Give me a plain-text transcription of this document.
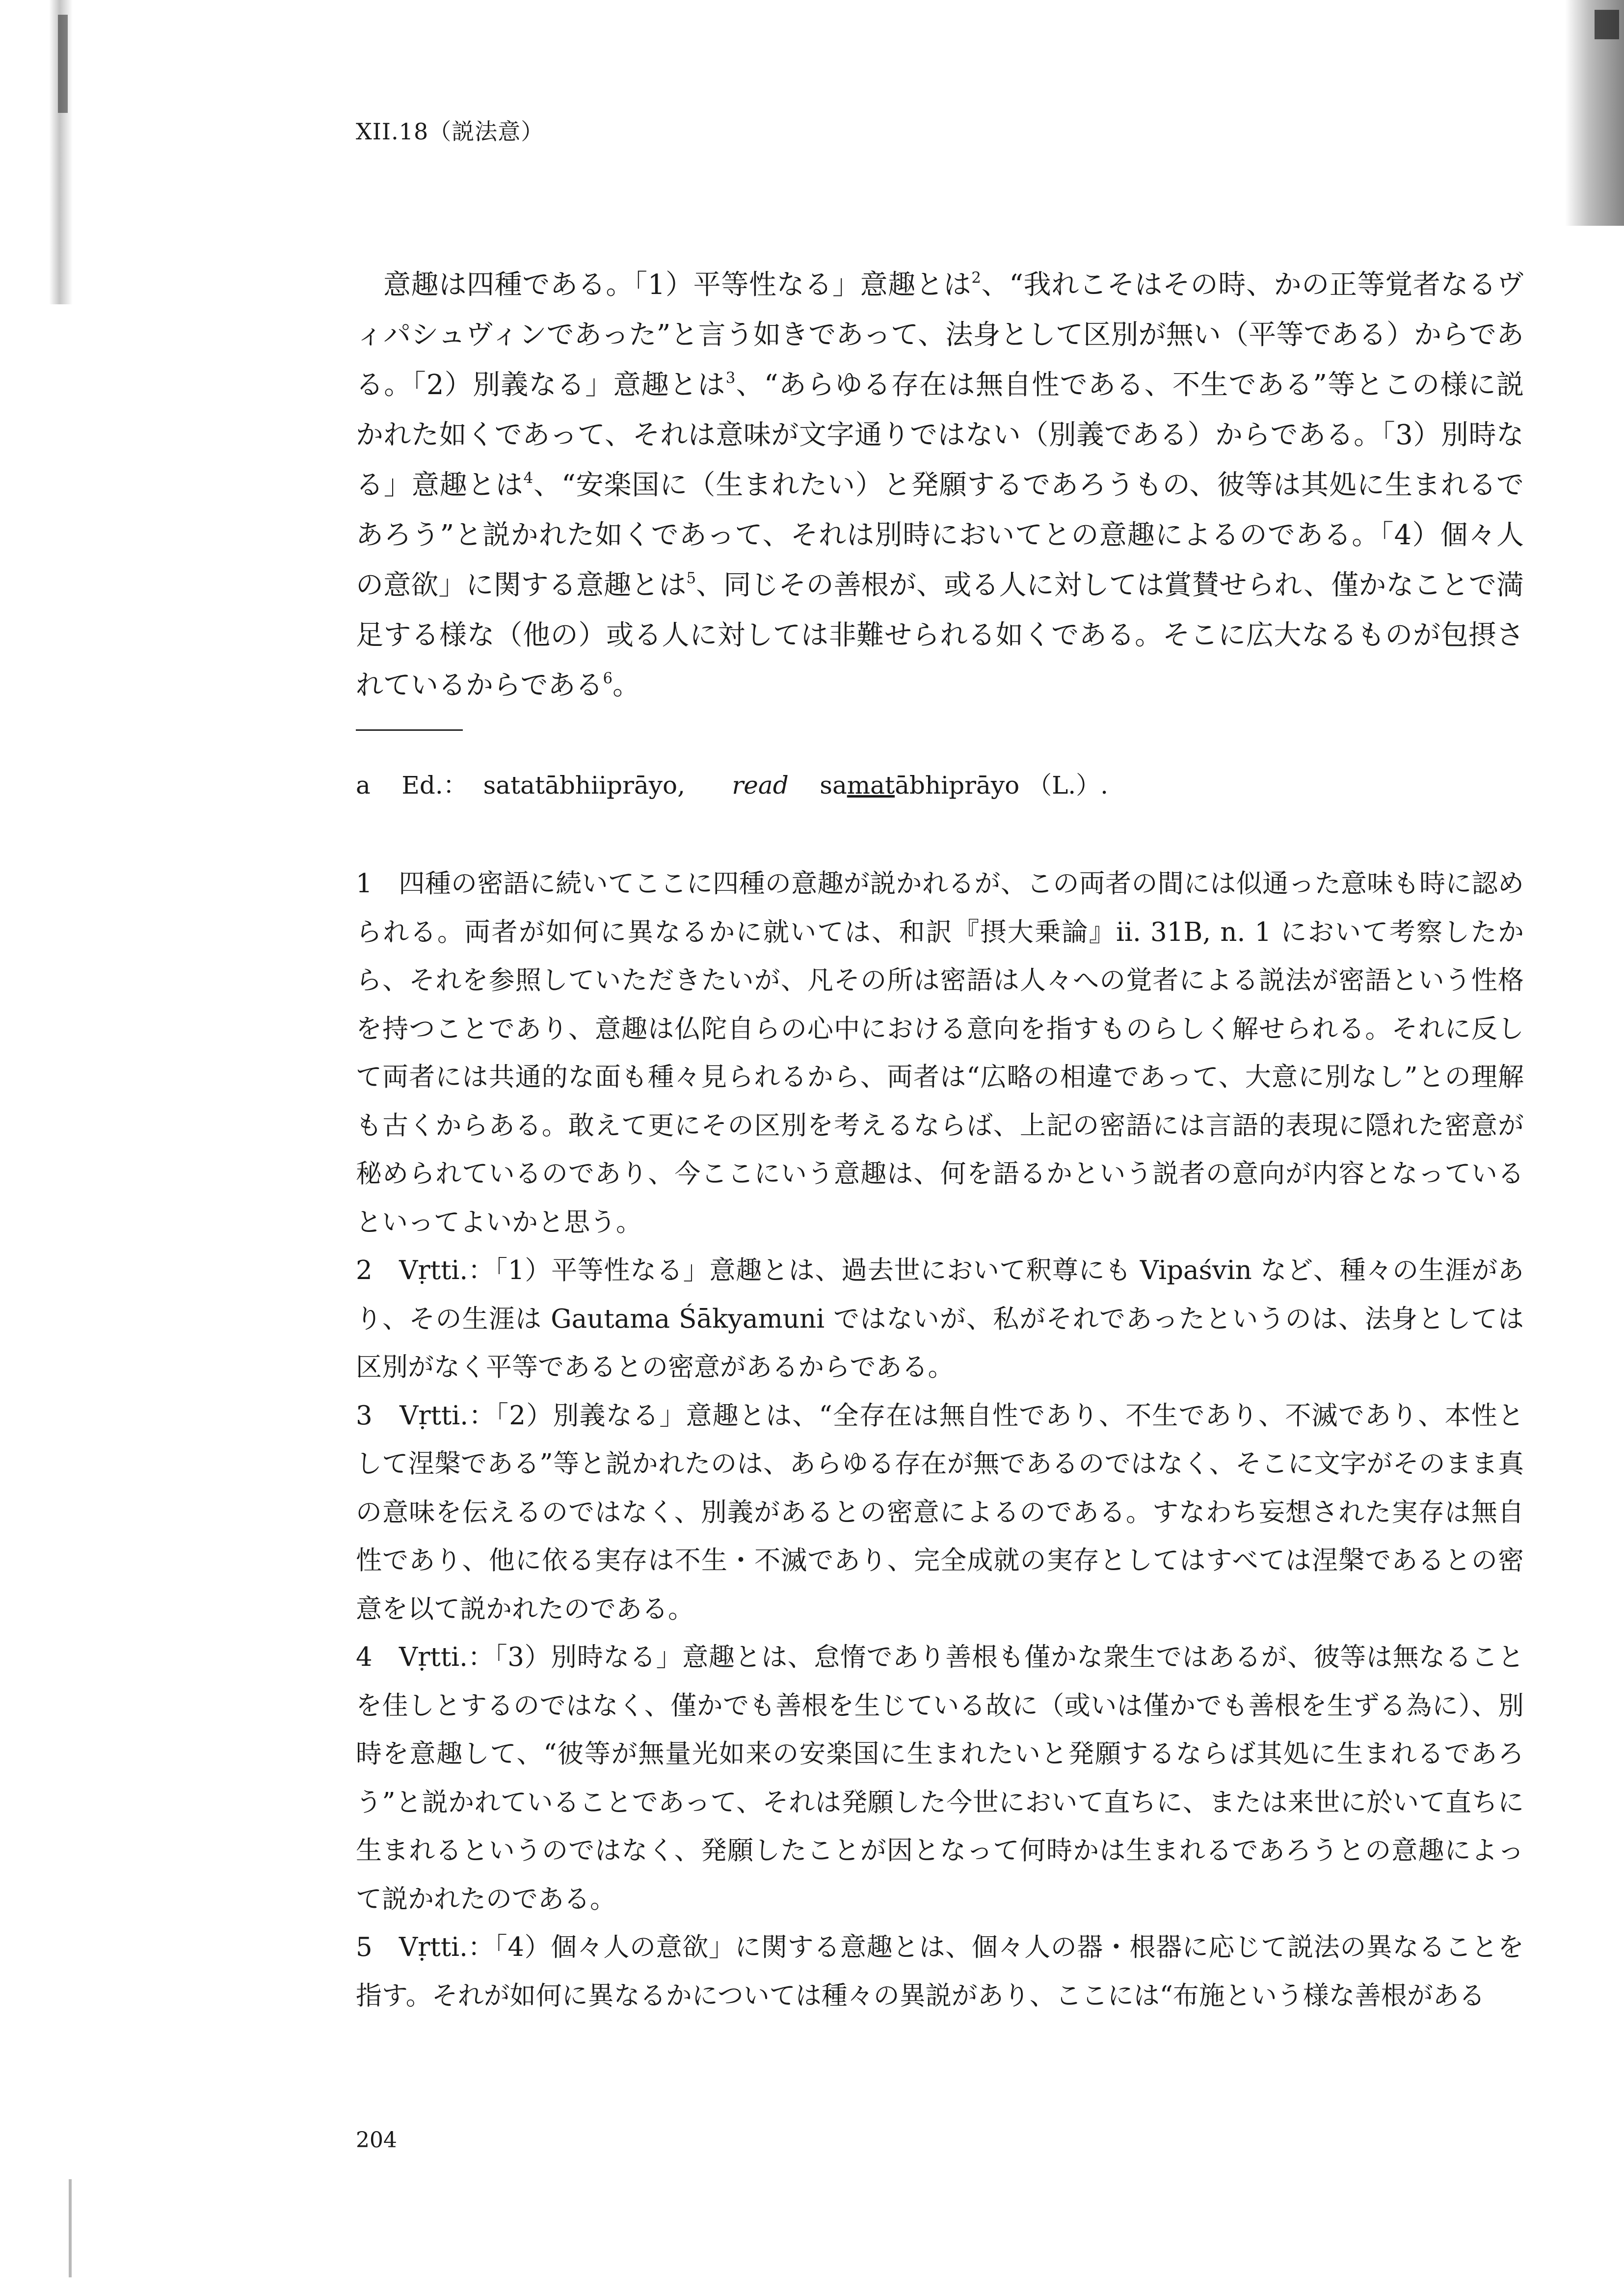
XII.18（説法意）

意趣は四種である。「1）平等性なる」意趣とは$^2$、“我れこそはその時、かの正等覚者なるヴィパシュヴィンであった”と言う如きであって、法身として区別が無い（平等である）からである。「2）別義なる」意趣とは$^3$、“あらゆる存在は無自性である、不生である”等とこの様に説かれた如くであって、それは意味が文字通りではない（別義である）からである。「3）別時なる」意趣とは$^4$、“安楽国に（生まれたい）と発願するであろうもの、彼等は其処に生まれるであろう”と説かれた如くであって、それは別時においてとの意趣によるのである。「4）個々人の意欲」に関する意趣とは$^5$、同じその善根が、或る人に対しては賞賛せられ、僅かなことで満足する様な（他の）或る人に対しては非難せられる如くである。そこに広大なるものが包摂されているからである$^6$。

a Ed.： satatābhiiprāyo, read samatābhiprāyo （L.）.

1　四種の密語に続いてここに四種の意趣が説かれるが、この両者の間には似通った意味も時に認められる。両者が如何に異なるかに就いては、和訳『摂大乗論』ii. 31B, n. 1 において考察したから、それを参照していただきたいが、凡その所は密語は人々への覚者による説法が密語という性格を持つことであり、意趣は仏陀自らの心中における意向を指すものらしく解せられる。それに反して両者には共通的な面も種々見られるから、両者は“広略の相違であって、大意に別なし”との理解も古くからある。敢えて更にその区別を考えるならば、上記の密語には言語的表現に隠れた密意が秘められているのであり、今ここにいう意趣は、何を語るかという説者の意向が内容となっているといってよいかと思う。

2　Vṛtti.：「1）平等性なる」意趣とは、過去世において釈尊にも Vipaśvin など、種々の生涯があり、その生涯は Gautama Śākyamuni ではないが、私がそれであったというのは、法身としては区別がなく平等であるとの密意があるからである。

3　Vṛtti.：「2）別義なる」意趣とは、“全存在は無自性であり、不生であり、不滅であり、本性として涅槃である”等と説かれたのは、あらゆる存在が無であるのではなく、そこに文字がそのまま真の意味を伝えるのではなく、別義があるとの密意によるのである。すなわち妄想された実存は無自性であり、他に依る実存は不生・不滅であり、完全成就の実存としてはすべては涅槃であるとの密意を以て説かれたのである。

4　Vṛtti.：「3）別時なる」意趣とは、怠惰であり善根も僅かな衆生ではあるが、彼等は無なることを佳しとするのではなく、僅かでも善根を生じている故に（或いは僅かでも善根を生ずる為に）、別時を意趣して、“彼等が無量光如来の安楽国に生まれたいと発願するならば其処に生まれるであろう”と説かれていることであって、それは発願した今世において直ちに、または来世に於いて直ちに生まれるというのではなく、発願したことが因となって何時かは生まれるであろうとの意趣によって説かれたのである。

5　Vṛtti.：「4）個々人の意欲」に関する意趣とは、個々人の器・根器に応じて説法の異なることを指す。それが如何に異なるかについては種々の異説があり、ここには“布施という様な善根がある

204
